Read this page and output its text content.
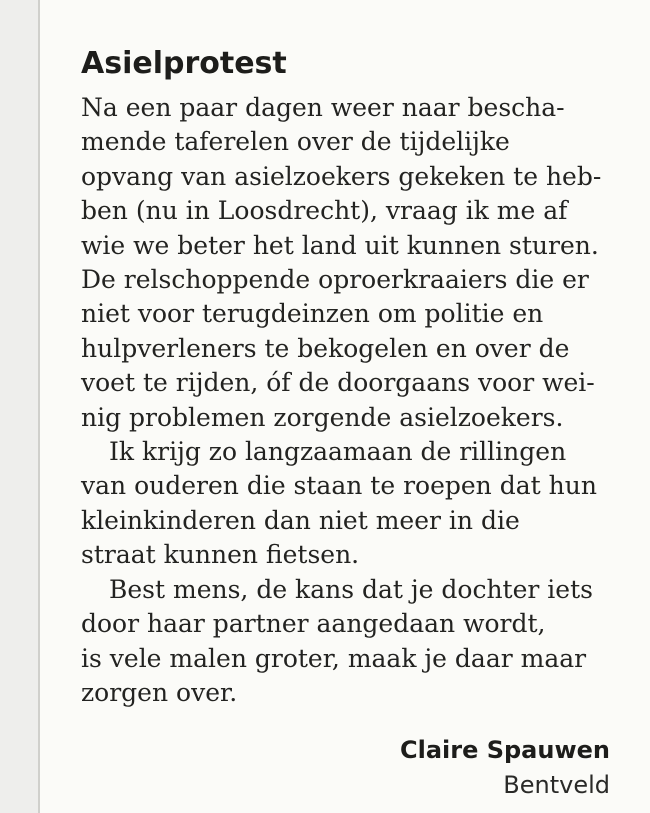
Asielprotest

Na een paar dagen weer naar bescha-
mende taferelen over de tijdelijke
opvang van asielzoekers gekeken te heb-
ben (nu in Loosdrecht), vraag ik me af
wie we beter het land uit kunnen sturen.
De relschoppende oproerkraaiers die er
niet voor terugdeinzen om politie en
hulpverleners te bekogelen en over de
voet te rijden, óf de doorgaans voor wei-
nig problemen zorgende asielzoekers.

Ik krijg zo langzaamaan de rillingen
van ouderen die staan te roepen dat hun
kleinkinderen dan niet meer in die
straat kunnen fietsen.

Best mens, de kans dat je dochter iets
door haar partner aangedaan wordt,
is vele malen groter, maak je daar maar
zorgen over.

Claire Spauwen
Bentveld
